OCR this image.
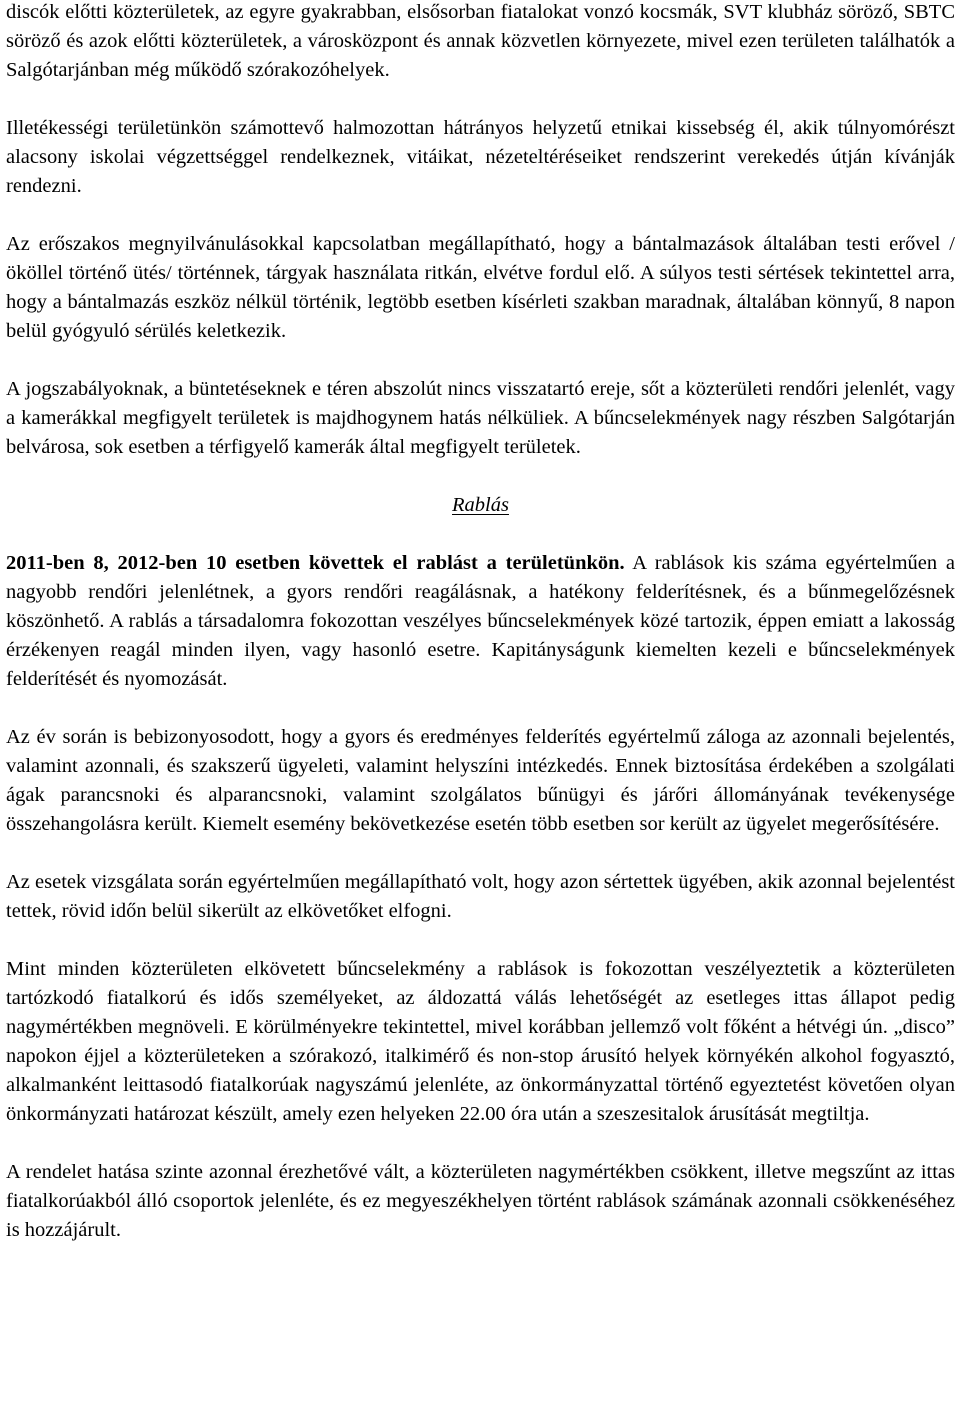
discók előtti közterületek, az egyre gyakrabban, elsősorban fiatalokat vonzó kocsmák, SVT klubház söröző, SBTC söröző és azok előtti közterületek, a városközpont és annak közvetlen környezete, mivel ezen területen találhatók a Salgótarjánban még működő szórakozóhelyek.

Illetékességi területünkön számottevő halmozottan hátrányos helyzetű etnikai kissebség él, akik túlnyomórészt alacsony iskolai végzettséggel rendelkeznek, vitáikat, nézeteltéréseiket rendszerint verekedés útján kívánják rendezni.

Az erőszakos megnyilvánulásokkal kapcsolatban megállapítható, hogy a bántalmazások általában testi erővel /ököllel történő ütés/ történnek, tárgyak használata ritkán, elvétve fordul elő. A súlyos testi sértések tekintettel arra, hogy a bántalmazás eszköz nélkül történik, legtöbb esetben kísérleti szakban maradnak, általában könnyű, 8 napon belül gyógyuló sérülés keletkezik.

A jogszabályoknak, a büntetéseknek e téren abszolút nincs visszatartó ereje, sőt a közterületi rendőri jelenlét, vagy a kamerákkal megfigyelt területek is majdhogynem hatás nélküliek. A bűncselekmények nagy részben Salgótarján belvárosa, sok esetben a térfigyelő kamerák által megfigyelt területek.

Rablás

2011-ben 8, 2012-ben 10 esetben követtek el rablást a területünkön. A rablások kis száma egyértelműen a nagyobb rendőri jelenlétnek, a gyors rendőri reagálásnak, a hatékony felderítésnek, és a bűnmegelőzésnek köszönhető. A rablás a társadalomra fokozottan veszélyes bűncselekmények közé tartozik, éppen emiatt a lakosság érzékenyen reagál minden ilyen, vagy hasonló esetre. Kapitányságunk kiemelten kezeli e bűncselekmények felderítését és nyomozását.

Az év során is bebizonyosodott, hogy a gyors és eredményes felderítés egyértelmű záloga az azonnali bejelentés, valamint azonnali, és szakszerű ügyeleti, valamint helyszíni intézkedés. Ennek biztosítása érdekében a szolgálati ágak parancsnoki és alparancsnoki, valamint szolgálatos bűnügyi és járőri állományának tevékenysége összehangolásra került. Kiemelt esemény bekövetkezése esetén több esetben sor került az ügyelet megerősítésére.

Az esetek vizsgálata során egyértelműen megállapítható volt, hogy azon sértettek ügyében, akik azonnal bejelentést tettek, rövid időn belül sikerült az elkövetőket elfogni.

Mint minden közterületen elkövetett bűncselekmény a rablások is fokozottan veszélyeztetik a közterületen tartózkodó fiatalkorú és idős személyeket, az áldozattá válás lehetőségét az esetleges ittas állapot pedig nagymértékben megnöveli. E körülményekre tekintettel, mivel korábban jellemző volt főként a hétvégi ún. „disco” napokon éjjel a közterületeken a szórakozó, italkimérő és non-stop árusító helyek környékén alkohol fogyasztó, alkalmanként leittasodó fiatalkorúak nagyszámú jelenléte, az önkormányzattal történő egyeztetést követően olyan önkormányzati határozat készült, amely ezen helyeken 22.00 óra után a szeszesitalok árusítását megtiltja.

A rendelet hatása szinte azonnal érezhetővé vált, a közterületen nagymértékben csökkent, illetve megszűnt az ittas fiatalkorúakból álló csoportok jelenléte, és ez megyeszékhelyen történt rablások számának azonnali csökkenéséhez is hozzájárult.
